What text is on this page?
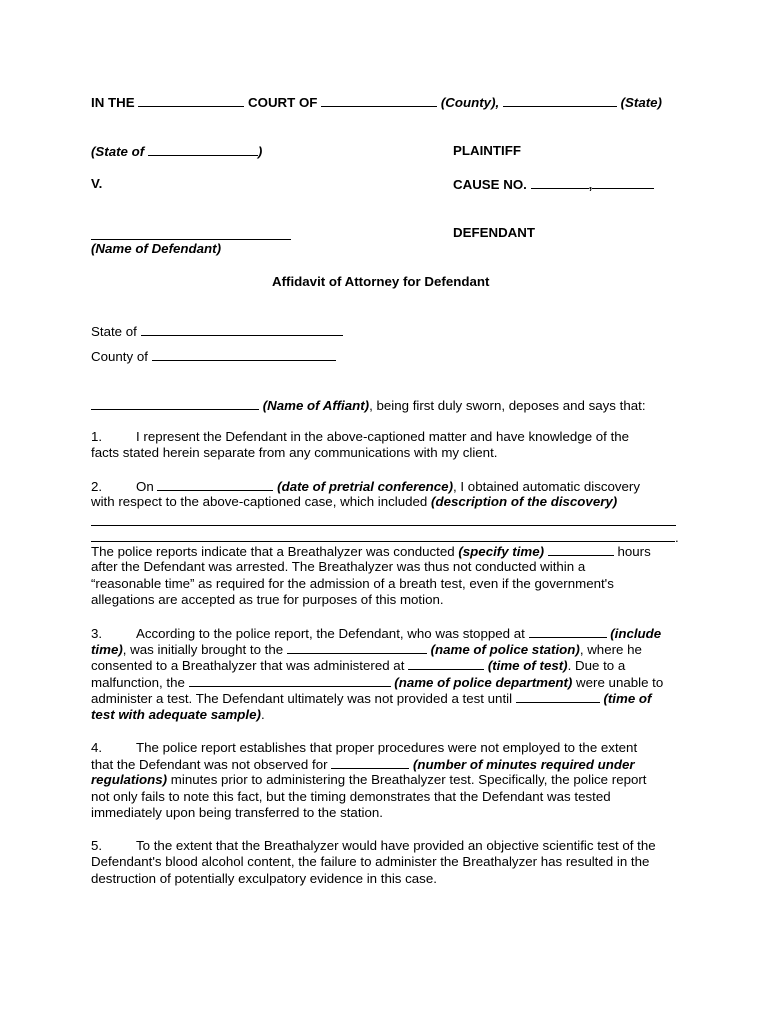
IN THE	COURT OF	(County),	(State)
(State of	)	PLAINTIFF
V.	CAUSE NO.	,
DEFENDANT
(Name of Defendant)
Affidavit of Attorney for Defendant
State of
County of
(Name of Affiant), being first duly sworn, deposes and says that:
1.	I represent the Defendant in the above-captioned matter and have knowledge of the
facts stated herein separate from any communications with my client.
2.	On	(date of pretrial conference), I obtained automatic discovery
with respect to the above-captioned case, which included (description of the discovery)
.
The police reports indicate that a Breathalyzer was conducted (specify time)	hours
after the Defendant was arrested. The Breathalyzer was thus not conducted within a
“reasonable time” as required for the admission of a breath test, even if the government's
allegations are accepted as true for purposes of this motion.
3.	According to the police report, the Defendant, who was stopped at	(include
time), was initially brought to the	(name of police station), where he
consented to a Breathalyzer that was administered at	(time of test). Due to a
malfunction, the	(name of police department) were unable to
administer a test. The Defendant ultimately was not provided a test until	(time of
test with adequate sample).
4.	The police report establishes that proper procedures were not employed to the extent
that the Defendant was not observed for	(number of minutes required under
regulations) minutes prior to administering the Breathalyzer test. Specifically, the police report
not only fails to note this fact, but the timing demonstrates that the Defendant was tested
immediately upon being transferred to the station.
5.	To the extent that the Breathalyzer would have provided an objective scientific test of the
Defendant's blood alcohol content, the failure to administer the Breathalyzer has resulted in the
destruction of potentially exculpatory evidence in this case.
